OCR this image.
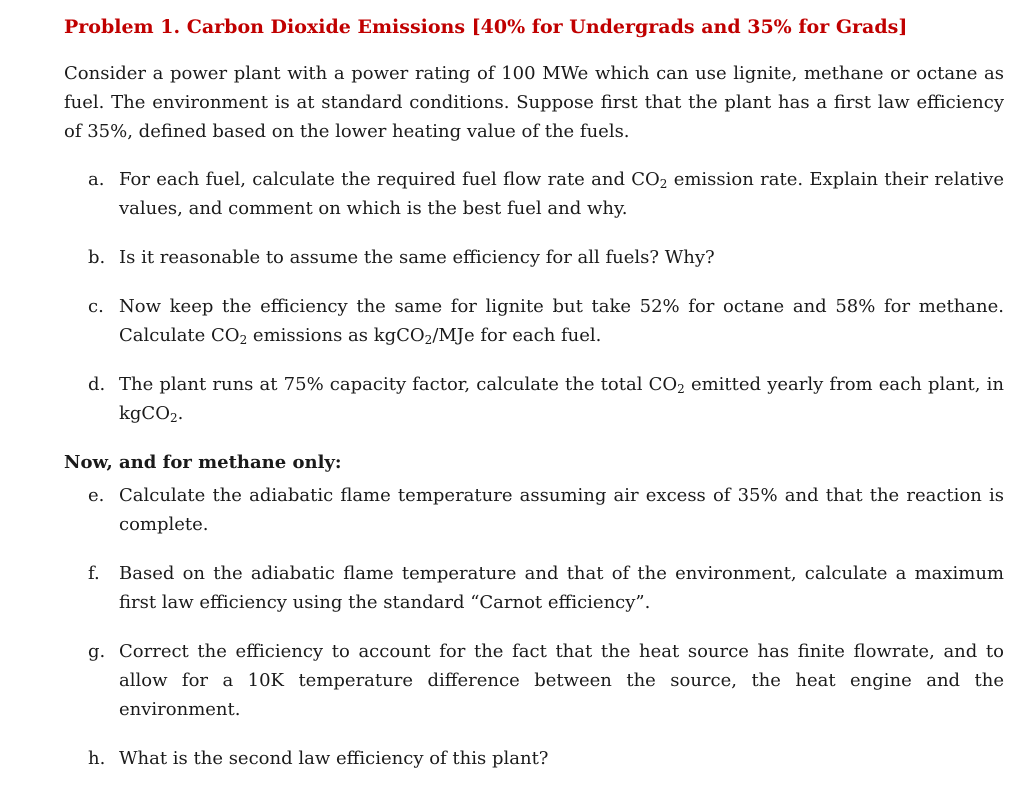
Problem 1. Carbon Dioxide Emissions [40% for Undergrads and 35% for Grads]

Consider a power plant with a power rating of 100 MWe which can use lignite, methane or octane as fuel. The environment is at standard conditions. Suppose first that the plant has a first law efficiency of 35%, defined based on the lower heating value of the fuels.

a. For each fuel, calculate the required fuel flow rate and $CO_2$ emission rate. Explain their relative values, and comment on which is the best fuel and why.
b. Is it reasonable to assume the same efficiency for all fuels? Why?
c. Now keep the efficiency the same for lignite but take 52% for octane and 58% for methane. Calculate $CO_2$ emissions as kgCO$_2$/MJe for each fuel.
d. The plant runs at 75% capacity factor, calculate the total $CO_2$ emitted yearly from each plant, in kgCO$_2$.
Now, and for methane only:
e. Calculate the adiabatic flame temperature assuming air excess of 35% and that the reaction is complete.
f.	Based on the adiabatic flame temperature and that of the environment, calculate a maximum first law efficiency using the standard “Carnot efficiency”.
g. Correct the efficiency to account for the fact that the heat source has finite flowrate, and to allow for a 10K temperature difference between the source, the heat engine and the environment.
h. What is the second law efficiency of this plant?
